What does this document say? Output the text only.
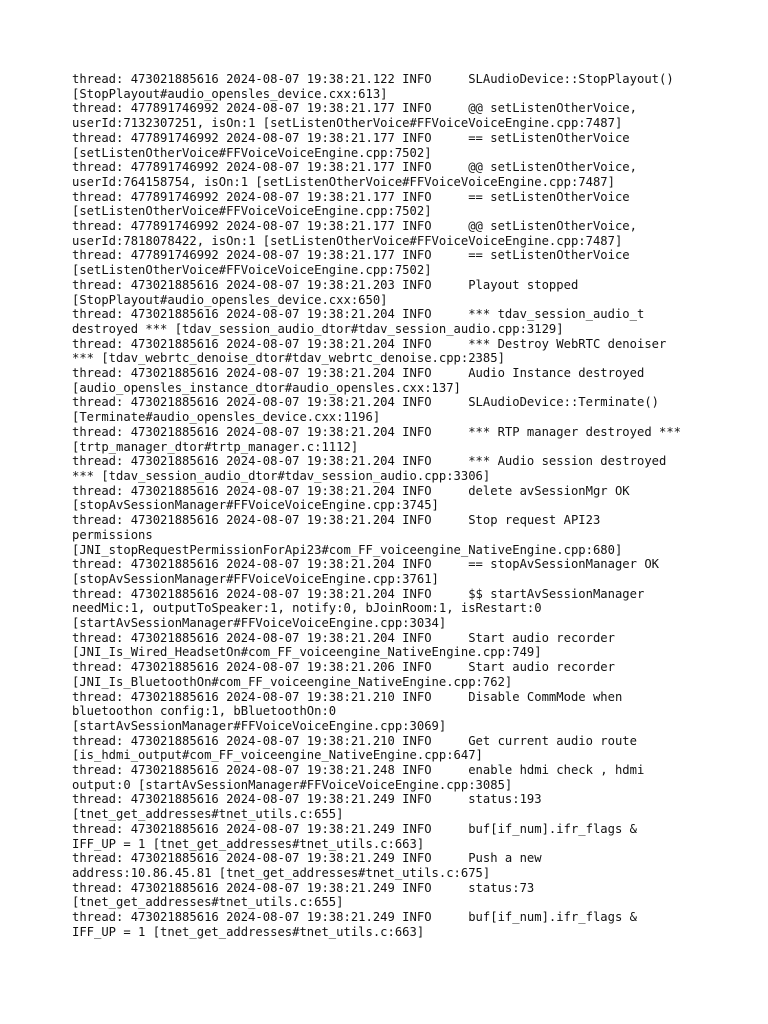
thread: 473021885616 2024-08-07 19:38:21.122 INFO     SLAudioDevice::StopPlayout()
[StopPlayout#audio_opensles_device.cxx:613]
thread: 477891746992 2024-08-07 19:38:21.177 INFO     @@ setListenOtherVoice,
userId:7132307251, isOn:1 [setListenOtherVoice#FFVoiceVoiceEngine.cpp:7487]
thread: 477891746992 2024-08-07 19:38:21.177 INFO     == setListenOtherVoice
[setListenOtherVoice#FFVoiceVoiceEngine.cpp:7502]
thread: 477891746992 2024-08-07 19:38:21.177 INFO     @@ setListenOtherVoice,
userId:764158754, isOn:1 [setListenOtherVoice#FFVoiceVoiceEngine.cpp:7487]
thread: 477891746992 2024-08-07 19:38:21.177 INFO     == setListenOtherVoice
[setListenOtherVoice#FFVoiceVoiceEngine.cpp:7502]
thread: 477891746992 2024-08-07 19:38:21.177 INFO     @@ setListenOtherVoice,
userId:7818078422, isOn:1 [setListenOtherVoice#FFVoiceVoiceEngine.cpp:7487]
thread: 477891746992 2024-08-07 19:38:21.177 INFO     == setListenOtherVoice
[setListenOtherVoice#FFVoiceVoiceEngine.cpp:7502]
thread: 473021885616 2024-08-07 19:38:21.203 INFO     Playout stopped
[StopPlayout#audio_opensles_device.cxx:650]
thread: 473021885616 2024-08-07 19:38:21.204 INFO     *** tdav_session_audio_t
destroyed *** [tdav_session_audio_dtor#tdav_session_audio.cpp:3129]
thread: 473021885616 2024-08-07 19:38:21.204 INFO     *** Destroy WebRTC denoiser
*** [tdav_webrtc_denoise_dtor#tdav_webrtc_denoise.cpp:2385]
thread: 473021885616 2024-08-07 19:38:21.204 INFO     Audio Instance destroyed
[audio_opensles_instance_dtor#audio_opensles.cxx:137]
thread: 473021885616 2024-08-07 19:38:21.204 INFO     SLAudioDevice::Terminate()
[Terminate#audio_opensles_device.cxx:1196]
thread: 473021885616 2024-08-07 19:38:21.204 INFO     *** RTP manager destroyed ***
[trtp_manager_dtor#trtp_manager.c:1112]
thread: 473021885616 2024-08-07 19:38:21.204 INFO     *** Audio session destroyed
*** [tdav_session_audio_dtor#tdav_session_audio.cpp:3306]
thread: 473021885616 2024-08-07 19:38:21.204 INFO     delete avSessionMgr OK
[stopAvSessionManager#FFVoiceVoiceEngine.cpp:3745]
thread: 473021885616 2024-08-07 19:38:21.204 INFO     Stop request API23
permissions
[JNI_stopRequestPermissionForApi23#com_FF_voiceengine_NativeEngine.cpp:680]
thread: 473021885616 2024-08-07 19:38:21.204 INFO     == stopAvSessionManager OK
[stopAvSessionManager#FFVoiceVoiceEngine.cpp:3761]
thread: 473021885616 2024-08-07 19:38:21.204 INFO     $$ startAvSessionManager
needMic:1, outputToSpeaker:1, notify:0, bJoinRoom:1, isRestart:0
[startAvSessionManager#FFVoiceVoiceEngine.cpp:3034]
thread: 473021885616 2024-08-07 19:38:21.204 INFO     Start audio recorder
[JNI_Is_Wired_HeadsetOn#com_FF_voiceengine_NativeEngine.cpp:749]
thread: 473021885616 2024-08-07 19:38:21.206 INFO     Start audio recorder
[JNI_Is_BluetoothOn#com_FF_voiceengine_NativeEngine.cpp:762]
thread: 473021885616 2024-08-07 19:38:21.210 INFO     Disable CommMode when
bluetoothon config:1, bBluetoothOn:0
[startAvSessionManager#FFVoiceVoiceEngine.cpp:3069]
thread: 473021885616 2024-08-07 19:38:21.210 INFO     Get current audio route
[is_hdmi_output#com_FF_voiceengine_NativeEngine.cpp:647]
thread: 473021885616 2024-08-07 19:38:21.248 INFO     enable hdmi check , hdmi
output:0 [startAvSessionManager#FFVoiceVoiceEngine.cpp:3085]
thread: 473021885616 2024-08-07 19:38:21.249 INFO     status:193
[tnet_get_addresses#tnet_utils.c:655]
thread: 473021885616 2024-08-07 19:38:21.249 INFO     buf[if_num].ifr_flags &
IFF_UP = 1 [tnet_get_addresses#tnet_utils.c:663]
thread: 473021885616 2024-08-07 19:38:21.249 INFO     Push a new
address:10.86.45.81 [tnet_get_addresses#tnet_utils.c:675]
thread: 473021885616 2024-08-07 19:38:21.249 INFO     status:73
[tnet_get_addresses#tnet_utils.c:655]
thread: 473021885616 2024-08-07 19:38:21.249 INFO     buf[if_num].ifr_flags &
IFF_UP = 1 [tnet_get_addresses#tnet_utils.c:663]
